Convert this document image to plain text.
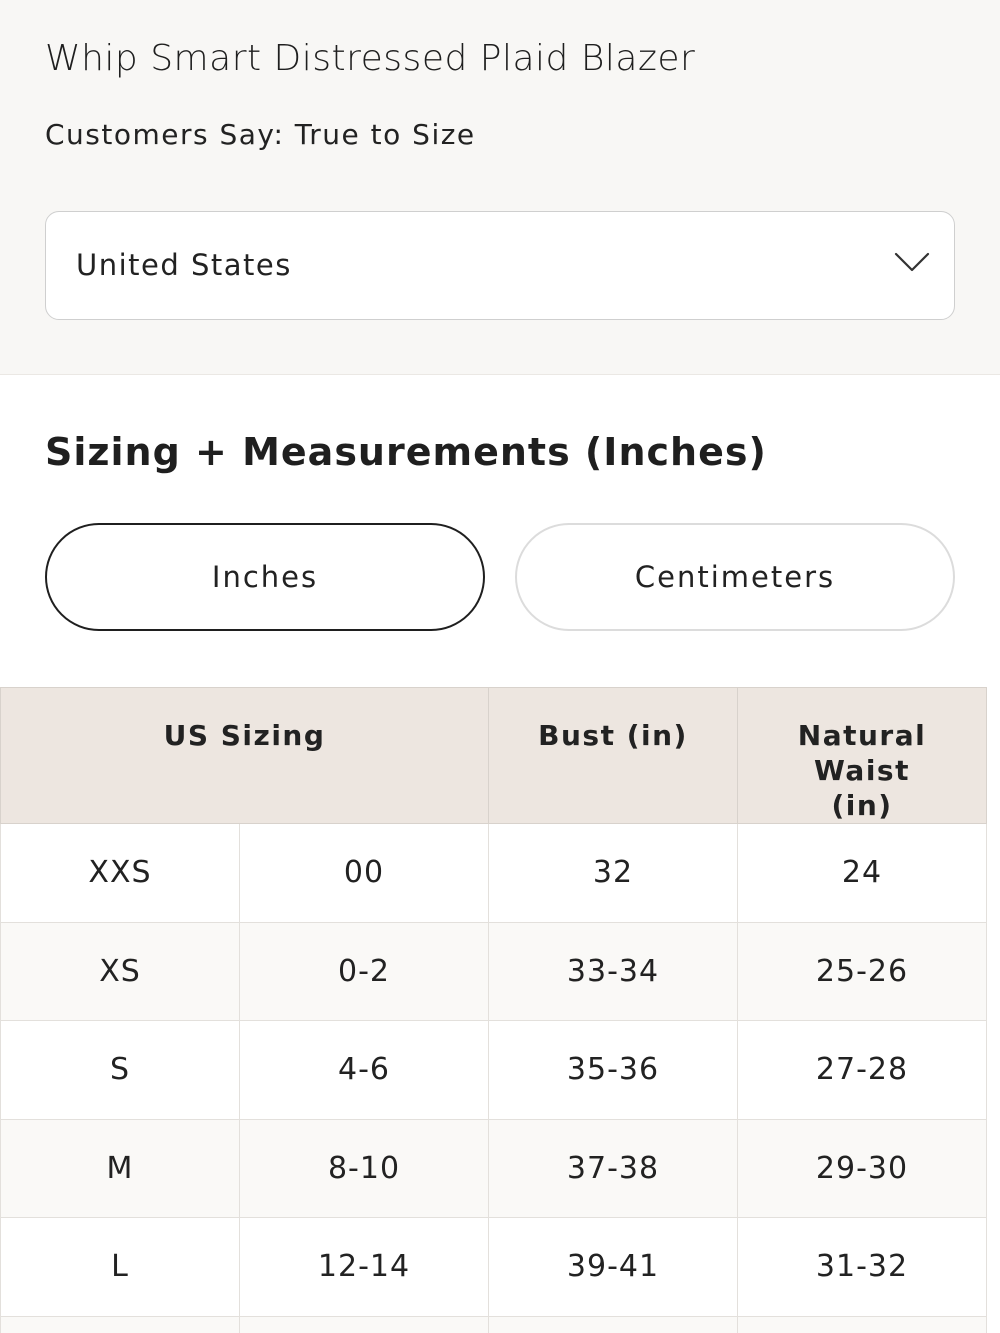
Whip Smart Distressed Plaid Blazer
Customers Say: True to Size
United States
Sizing + Measurements (Inches)
Inches	Centimeters
US Sizing		Bust (in)	Natural Waist (in)
XXS	00	32	24
XS	0-2	33-34	25-26
S	4-6	35-36	27-28
M	8-10	37-38	29-30
L	12-14	39-41	31-32
